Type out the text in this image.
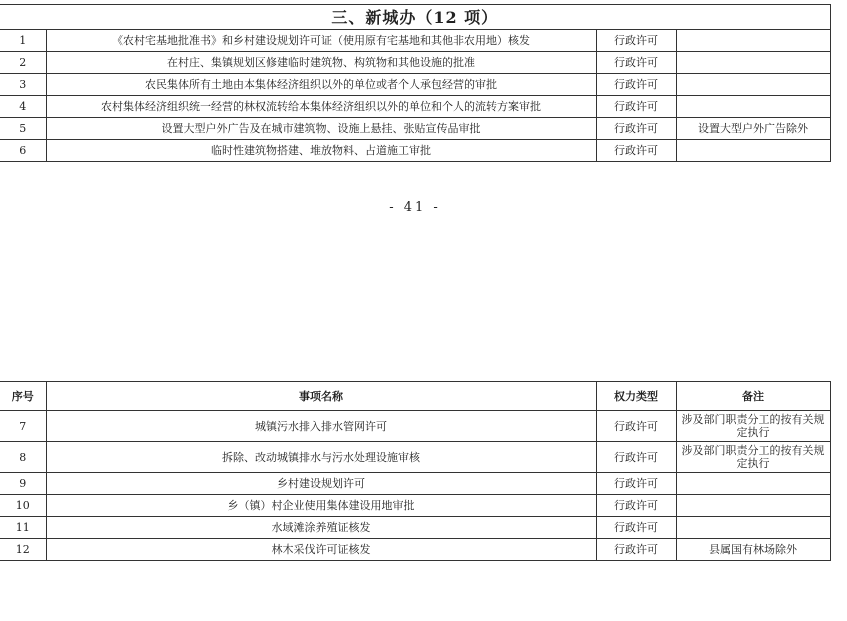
三、新城办（12 项）			
1	《农村宅基地批准书》和乡村建设规划许可证（使用原有宅基地和其他非农用地）核发	行政许可	
2	在村庄、集镇规划区修建临时建筑物、构筑物和其他设施的批准	行政许可	
3	农民集体所有土地由本集体经济组织以外的单位或者个人承包经营的审批	行政许可	
4	农村集体经济组织统一经营的林权流转给本集体经济组织以外的单位和个人的流转方案审批	行政许可	
5	设置大型户外广告及在城市建筑物、设施上悬挂、张贴宣传品审批	行政许可	设置大型户外广告除外
6	临时性建筑物搭建、堆放物料、占道施工审批	行政许可	
- 41 -
序号	事项名称	权力类型	备注
7	城镇污水排入排水管网许可	行政许可	涉及部门职责分工的按有关规定执行
8	拆除、改动城镇排水与污水处理设施审核	行政许可	涉及部门职责分工的按有关规定执行
9	乡村建设规划许可	行政许可	
10	乡（镇）村企业使用集体建设用地审批	行政许可	
11	水域滩涂养殖证核发	行政许可	
12	林木采伐许可证核发	行政许可	县属国有林场除外
